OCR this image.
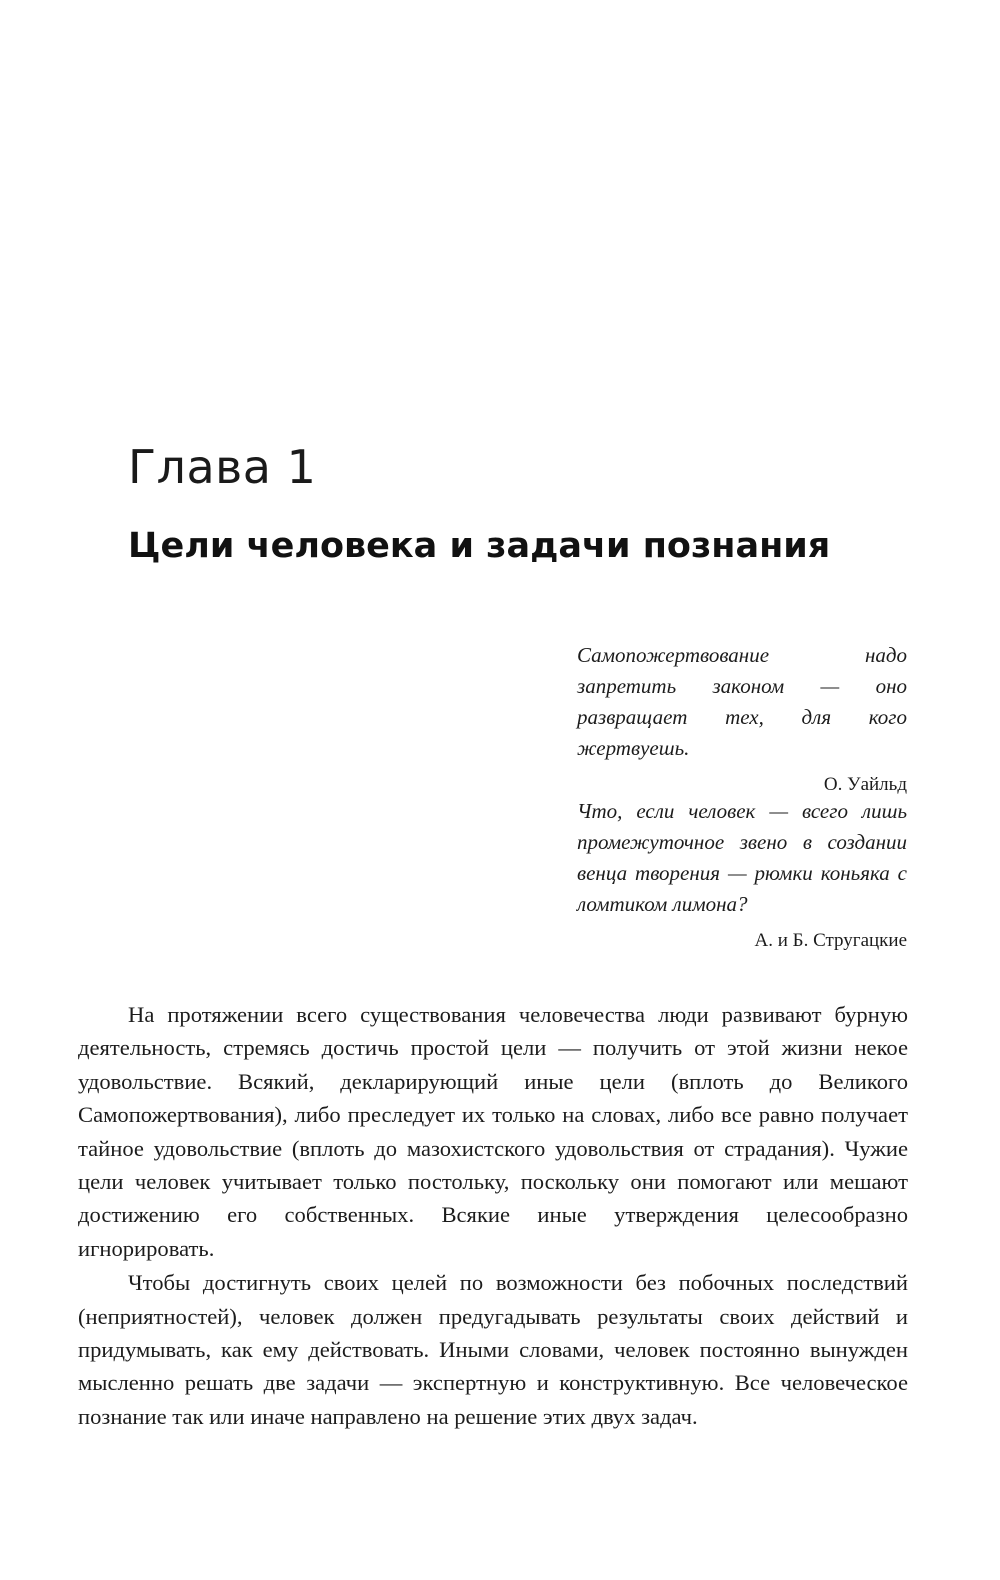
Глава 1
Цели человека и задачи познания

Самопожертвование надо запретить законом — оно развращает тех, для кого жертвуешь.

О. Уайльд

Что, если человек — всего лишь промежуточное звено в создании венца творения — рюмки коньяка с ломтиком лимона?

А. и Б. Стругацкие

На протяжении всего существования человечества люди развивают бурную деятельность, стремясь достичь простой цели — получить от этой жизни некое удовольствие. Всякий, декларирующий иные цели (вплоть до Великого Самопожертвования), либо преследует их только на словах, либо все равно получает тайное удовольствие (вплоть до мазохистского удовольствия от страдания). Чужие цели человек учитывает только постольку, поскольку они помогают или мешают достижению его собственных. Всякие иные утверждения целесообразно игнорировать.

Чтобы достигнуть своих целей по возможности без побочных последствий (неприятностей), человек должен предугадывать результаты своих действий и придумывать, как ему действовать. Иными словами, человек постоянно вынужден мысленно решать две задачи — экспертную и конструктивную. Все человеческое познание так или иначе направлено на решение этих двух задач.
